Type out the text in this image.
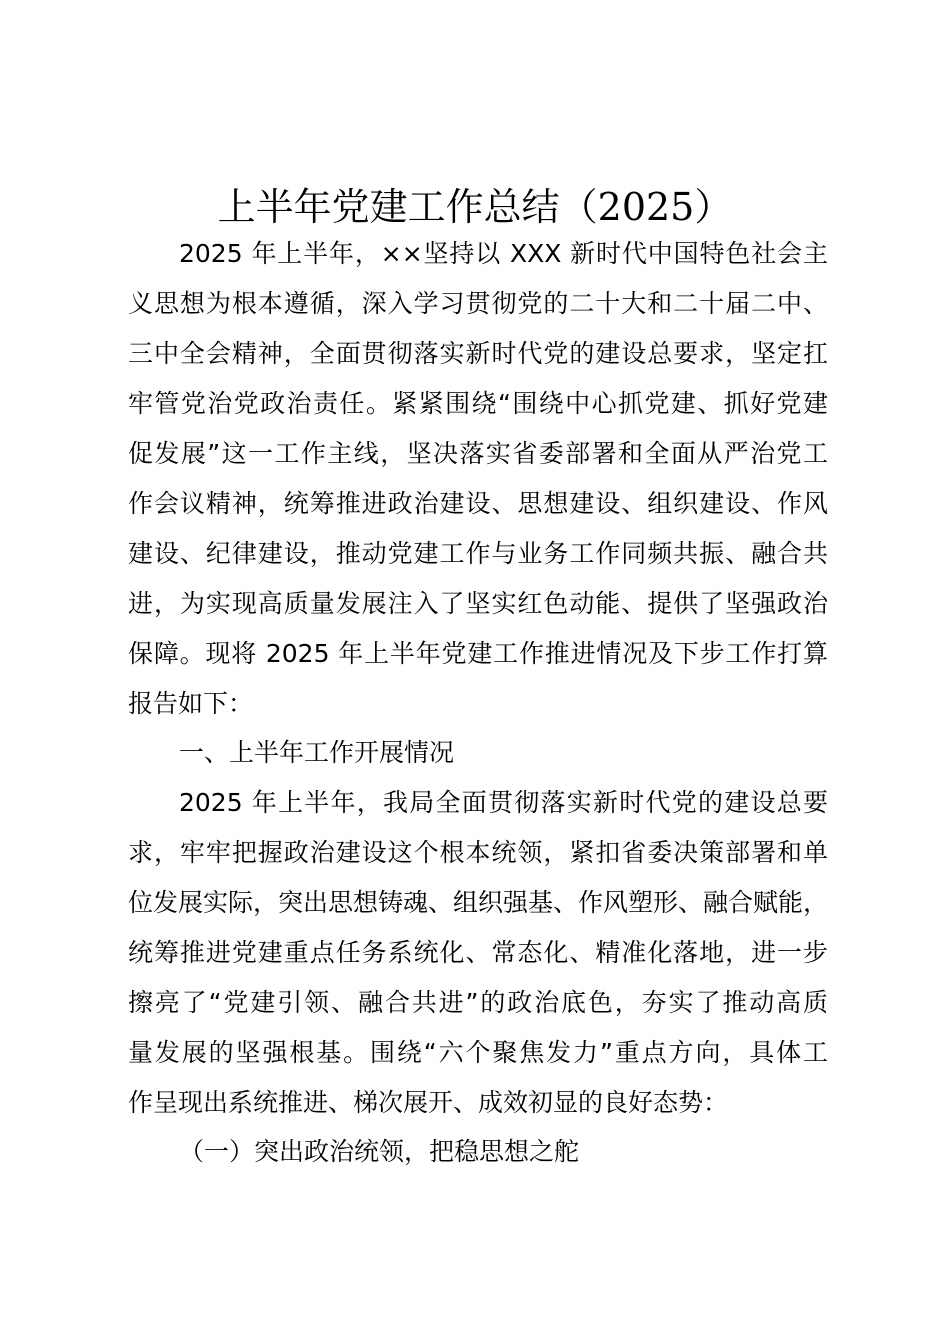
上半年党建工作总结（2025）

2025 年上半年，××坚持以 XXX 新时代中国特色社会主

义思想为根本遵循，深入学习贯彻党的二十大和二十届二中、

三中全会精神，全面贯彻落实新时代党的建设总要求，坚定扛

牢管党治党政治责任。紧紧围绕“围绕中心抓党建、抓好党建

促发展”这一工作主线，坚决落实省委部署和全面从严治党工

作会议精神，统筹推进政治建设、思想建设、组织建设、作风

建设、纪律建设，推动党建工作与业务工作同频共振、融合共

进，为实现高质量发展注入了坚实红色动能、提供了坚强政治

保障。现将 2025 年上半年党建工作推进情况及下步工作打算

报告如下：

一、上半年工作开展情况

2025 年上半年，我局全面贯彻落实新时代党的建设总要

求，牢牢把握政治建设这个根本统领，紧扣省委决策部署和单

位发展实际，突出思想铸魂、组织强基、作风塑形、融合赋能，

统筹推进党建重点任务系统化、常态化、精准化落地，进一步

擦亮了“党建引领、融合共进”的政治底色，夯实了推动高质

量发展的坚强根基。围绕“六个聚焦发力”重点方向，具体工

作呈现出系统推进、梯次展开、成效初显的良好态势：

（一）突出政治统领，把稳思想之舵
